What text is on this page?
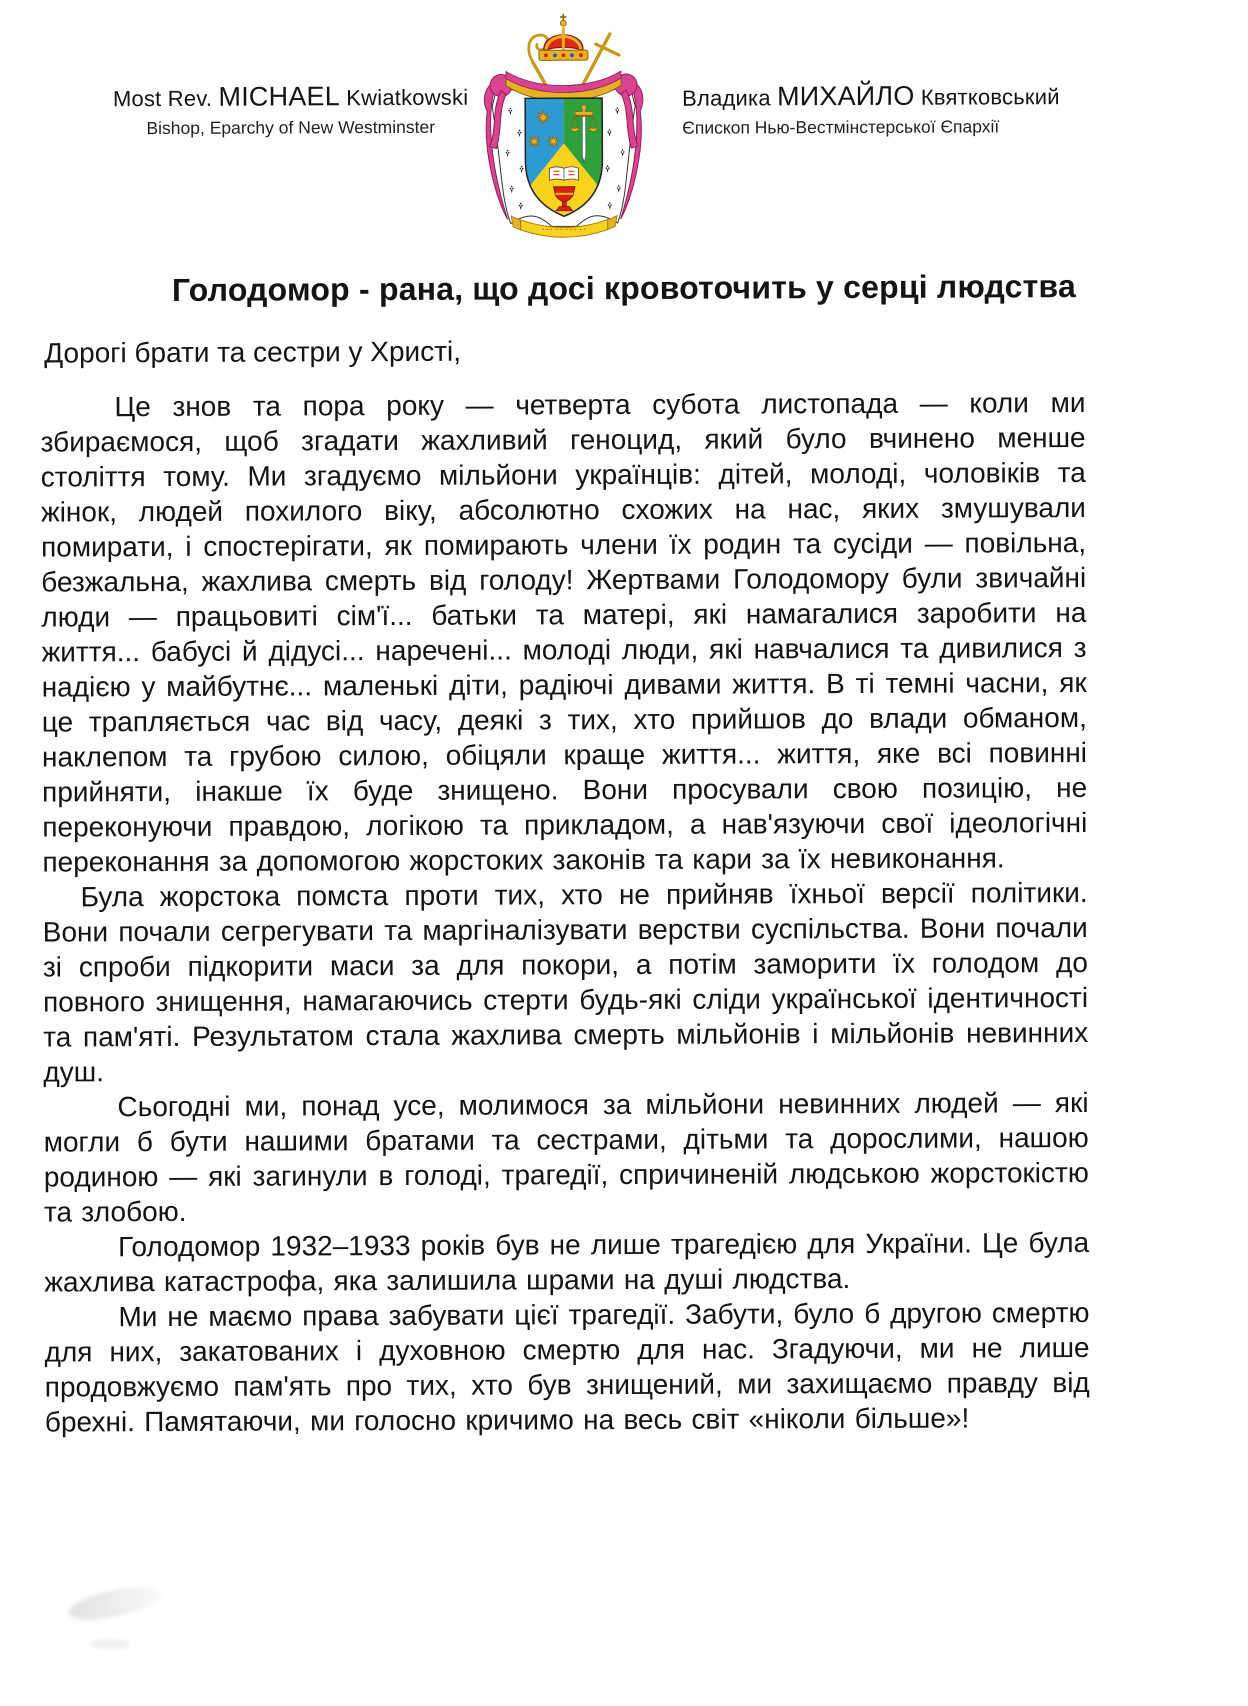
Most Rev. MICHAEL Kwiatkowski
Bishop, Eparchy of New Westminster
·•·•·•··•·•··•·•·•··•·•·
Владика МИХАЙЛО Квятковський
Єпископ Нью-Вестмінстерської Єпархії
Голодомор - рана, що досі кровоточить у серці людства

Дорогі брати та сестри у Христі,

Це знов та пора року — четверта субота листопада — коли ми збираємося, щоб згадати жахливий геноцид, який було вчинено менше століття тому. Ми згадуємо мільйони українців: дітей, молоді, чоловіків та жінок, людей похилого віку, абсолютно схожих на нас, яких змушували помирати, і спостерігати, як помирають члени їх родин та сусіди — повільна, безжальна, жахлива смерть від голоду! Жертвами Голодомору були звичайні люди — працьовиті сім'ї... батьки та матері, які намагалися заробити на життя... бабусі й дідусі... наречені... молоді люди, які навчалися та дивилися з надією у майбутнє... маленькі діти, радіючі дивами життя. В ті темні часни, як це трапляється час від часу, деякі з тих, хто прийшов до влади обманом, наклепом та грубою силою, обіцяли краще життя... життя, яке всі повинні прийняти, інакше їх буде знищено. Вони просували свою позицію, не переконуючи правдою, логікою та прикладом, а нав'язуючи свої ідеологічні переконання за допомогою жорстоких законів та кари за їх невиконання.

Була жорстока помста проти тих, хто не прийняв їхньої версії політики. Вони почали сегрегувати та маргіналізувати верстви суспільства. Вони почали зі спроби підкорити маси за для покори, а потім заморити їх голодом до повного знищення, намагаючись стерти будь-які сліди української ідентичності та пам'яті. Результатом стала жахлива смерть мільйонів і мільйонів невинних душ.

Сьогодні ми, понад усе, молимося за мільйони невинних людей — які могли б бути нашими братами та сестрами, дітьми та дорослими, нашою родиною — які загинули в голоді, трагедії, спричиненій людською жорстокістю та злобою.

Голодомор 1932–1933 років був не лише трагедією для України. Це була жахлива катастрофа, яка залишила шрами на душі людства.

Ми не маємо права забувати цієї трагедії. Забути, було б другою смертю для них, закатованих і духовною смертю для нас. Згадуючи, ми не лише продовжуємо пам'ять про тих, хто був знищений, ми захищаємо правду від брехні. Памятаючи, ми голосно кричимо на весь світ «ніколи більше»!
